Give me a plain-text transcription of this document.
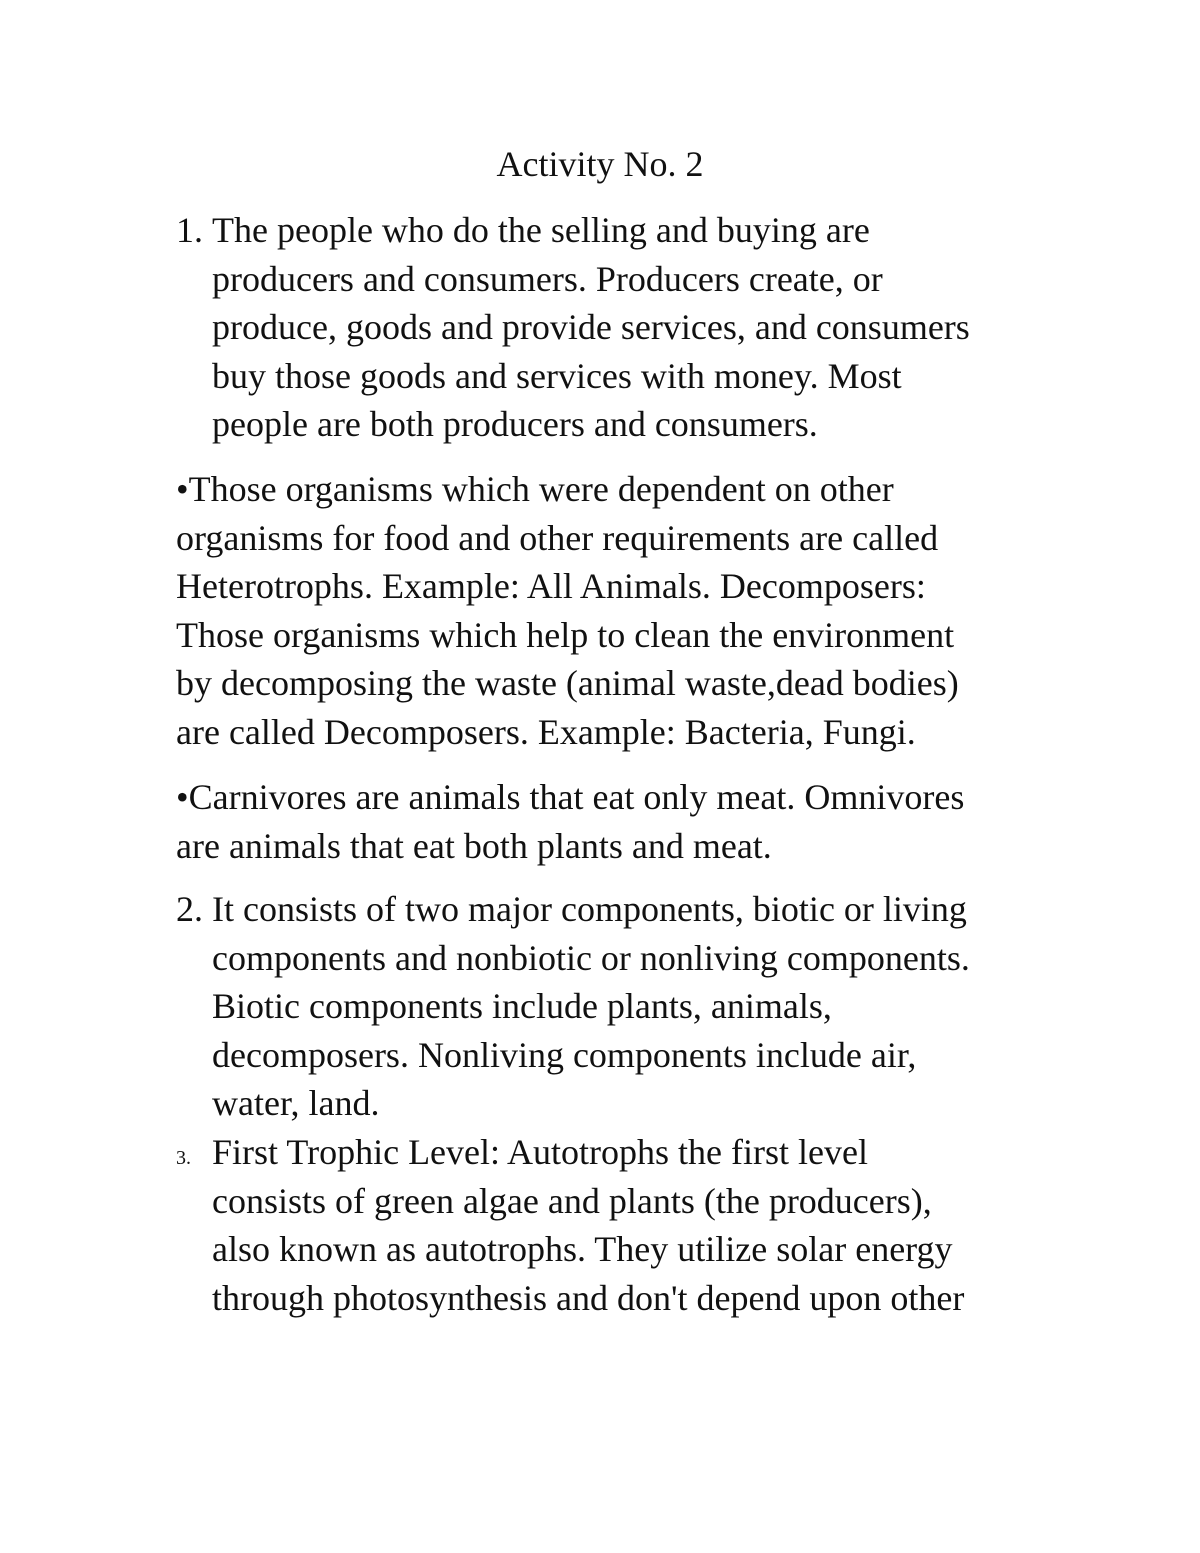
Activity No. 2
1. The people who do the selling and buying are
producers and consumers. Producers create, or
produce, goods and provide services, and consumers
buy those goods and services with money. Most
people are both producers and consumers.
•Those organisms which were dependent on other
organisms for food and other requirements are called
Heterotrophs. Example: All Animals. Decomposers:
Those organisms which help to clean the environment
by decomposing the waste (animal waste,dead bodies)
are called Decomposers. Example: Bacteria, Fungi.
•Carnivores are animals that eat only meat. Omnivores
are animals that eat both plants and meat.
2. It consists of two major components, biotic or living
components and nonbiotic or nonliving components.
Biotic components include plants, animals,
decomposers. Nonliving components include air,
water, land.
3. First Trophic Level: Autotrophs the first level
consists of green algae and plants (the producers),
also known as autotrophs. They utilize solar energy
through photosynthesis and don't depend upon other
